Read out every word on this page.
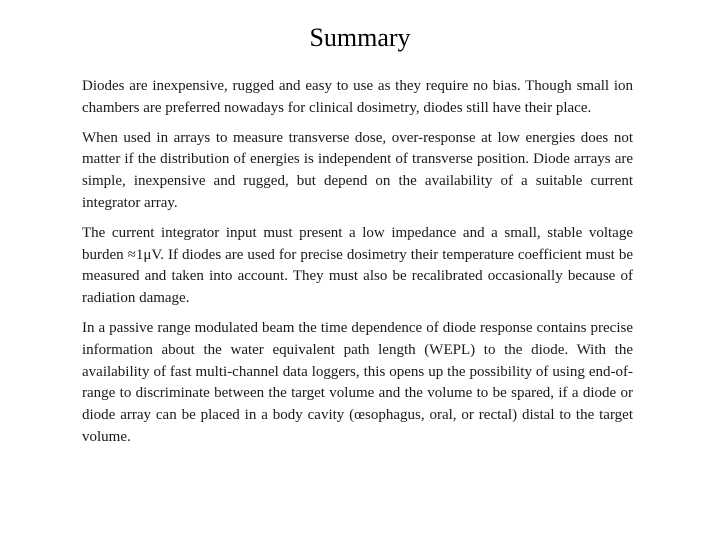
Summary

Diodes are inexpensive, rugged and easy to use as they require no bias. Though small ion chambers are preferred nowadays for clinical dosimetry, diodes still have their place.

When used in arrays to measure transverse dose, over-response at low energies does not matter if the distribution of energies is independent of transverse position. Diode arrays are simple, inexpensive and rugged, but depend on the availability of a suitable current integrator array.

The current integrator input must present a low impedance and a small, stable voltage burden ≈1μV. If diodes are used for precise dosimetry their temperature coefficient must be measured and taken into account. They must also be recalibrated occasionally because of radiation damage.

In a passive range modulated beam the time dependence of diode response contains precise information about the water equivalent path length (WEPL) to the diode. With the availability of fast multi-channel data loggers, this opens up the possibility of using end-of-range to discriminate between the target volume and the volume to be spared, if a diode or diode array can be placed in a body cavity (œsophagus, oral, or rectal) distal to the target volume.
